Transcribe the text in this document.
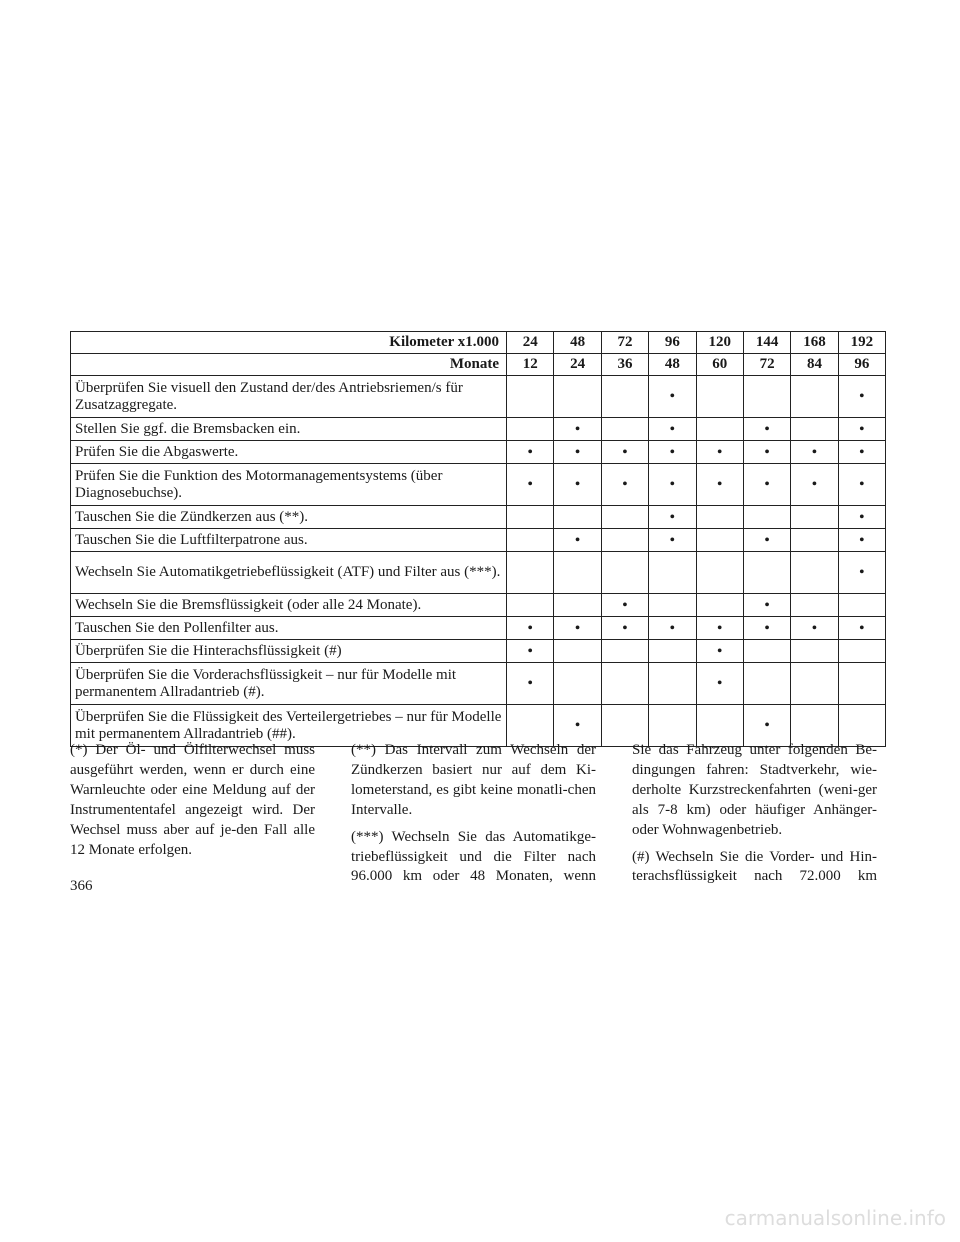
Kilometer x1.000	24	48	72	96	120	144	168	192
Monate	12	24	36	48	60	72	84	96
Überprüfen Sie visuell den Zustand der/des Antriebsriemen/s für Zusatzaggregate.				•				•
Stellen Sie ggf. die Bremsbacken ein.		•		•		•		•
Prüfen Sie die Abgaswerte.	•	•	•	•	•	•	•	•
Prüfen Sie die Funktion des Motormanagementsystems (über Diagnosebuchse).	•	•	•	•	•	•	•	•
Tauschen Sie die Zündkerzen aus (**).				•				•
Tauschen Sie die Luftfilterpatrone aus.		•		•		•		•
Wechseln Sie Automatikgetriebeflüssigkeit (ATF) und Filter aus (***).								•
Wechseln Sie die Bremsflüssigkeit (oder alle 24 Monate).			•			•		
Tauschen Sie den Pollenfilter aus.	•	•	•	•	•	•	•	•
Überprüfen Sie die Hinterachsflüssigkeit (#)	•				•			
Überprüfen Sie die Vorderachsflüssigkeit – nur für Modelle mit permanentem Allradantrieb (#).	•				•			
Überprüfen Sie die Flüssigkeit des Verteilergetriebes – nur für Modelle mit permanentem Allradantrieb (##).		•				•		

(*) Der Öl- und Ölfilterwechsel muss ausgeführt werden, wenn er durch eine Warnleuchte oder eine Meldung auf der Instrumententafel angezeigt wird. Der Wechsel muss aber auf je-den Fall alle 12 Monate erfolgen.

(**) Das Intervall zum Wechseln der Zündkerzen basiert nur auf dem Ki-lometerstand, es gibt keine monatli-chen Intervalle.

(***) Wechseln Sie das Automatikge-triebeflüssigkeit und die Filter nach 96.000 km oder 48 Monaten, wenn

Sie das Fahrzeug unter folgenden Be-dingungen fahren: Stadtverkehr, wie-derholte Kurzstreckenfahrten (weni-ger als 7-8 km) oder häufiger Anhänger- oder Wohnwagenbetrieb.

(#) Wechseln Sie die Vorder- und Hin-terachsflüssigkeit nach 72.000 km

366
carmanualsonline.info
